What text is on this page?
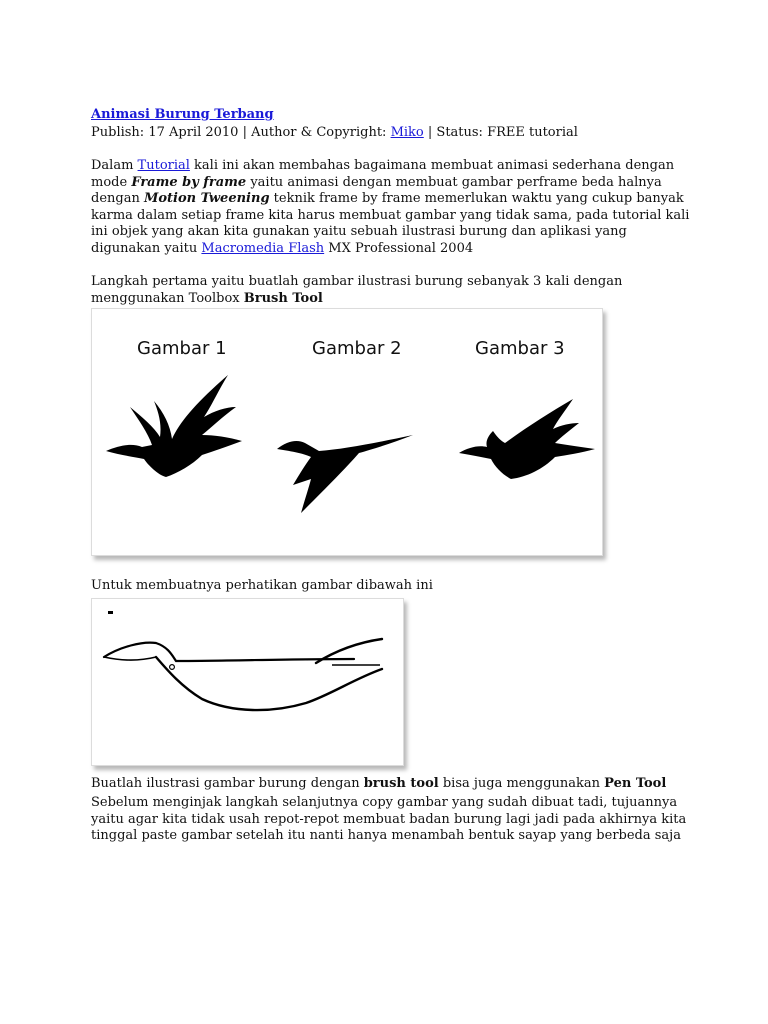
Animasi Burung Terbang

Publish: 17 April 2010 | Author & Copyright: Miko | Status: FREE tutorial

Dalam Tutorial kali ini akan membahas bagaimana membuat animasi sederhana dengan mode Frame by frame yaitu animasi dengan membuat gambar perframe beda halnya dengan Motion Tweening teknik frame by frame memerlukan waktu yang cukup banyak karma dalam setiap frame kita harus membuat gambar yang tidak sama, pada tutorial kali ini objek yang akan kita gunakan yaitu sebuah ilustrasi burung dan aplikasi yang digunakan yaitu Macromedia Flash MX Professional 2004

Langkah pertama yaitu buatlah gambar ilustrasi burung sebanyak 3 kali dengan menggunakan Toolbox Brush Tool

Untuk membuatnya perhatikan gambar dibawah ini

Buatlah ilustrasi gambar burung dengan brush tool bisa juga menggunakan Pen Tool

Sebelum menginjak langkah selanjutnya copy gambar yang sudah dibuat tadi, tujuannya yaitu agar kita tidak usah repot-repot membuat badan burung lagi jadi pada akhirnya kita tinggal paste gambar setelah itu nanti hanya menambah bentuk sayap yang berbeda saja

Gambar 1	Gambar 2	Gambar 3
